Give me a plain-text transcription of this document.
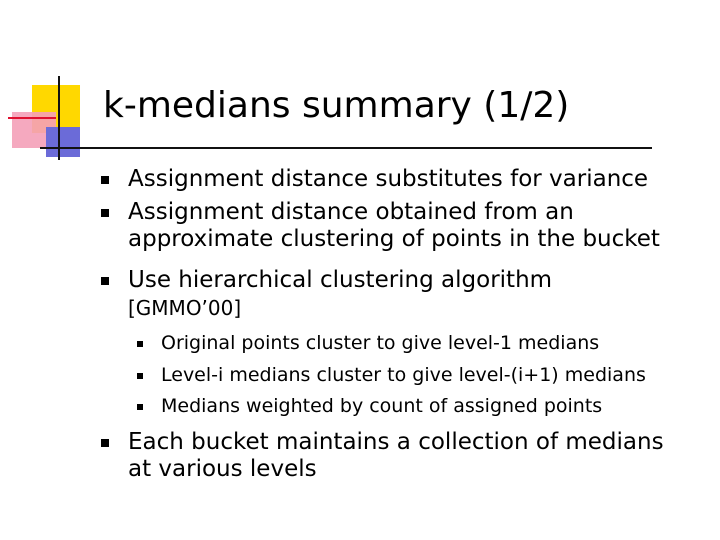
k-medians summary (1/2)
Assignment distance substitutes for variance
Assignment distance obtained from an
approximate clustering of points in the bucket
Use hierarchical clustering algorithm
[GMMO’00]
Original points cluster to give level-1 medians
Level-i medians cluster to give level-(i+1) medians
Medians weighted by count of assigned points
Each bucket maintains a collection of medians
at various levels
